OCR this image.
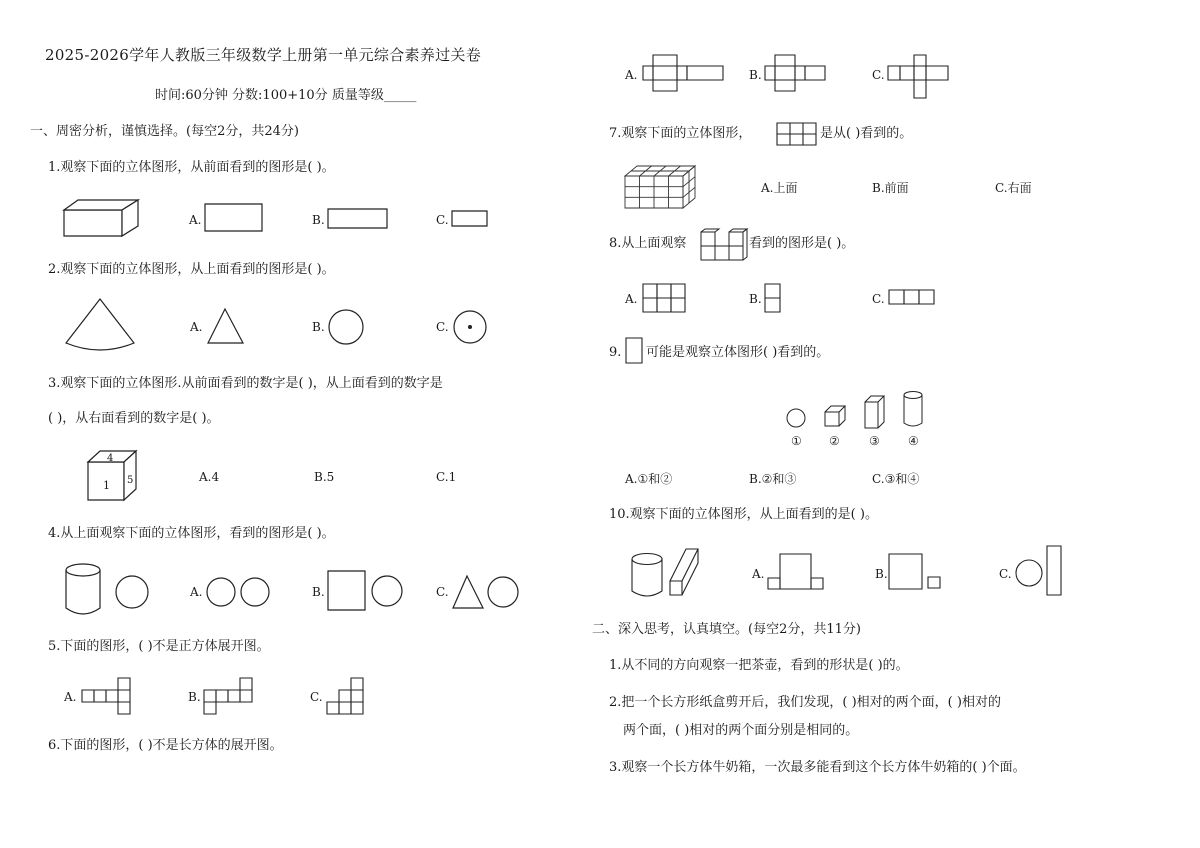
2025-2026学年人教版三年级数学上册第一单元综合素养过关卷
时间:60分钟 分数:100+10分 质量等级_____
一、周密分析，谨慎选择。(每空2分，共24分)
1.观察下面的立体图形，从前面看到的图形是( )。
A.	B.	C.
2.观察下面的立体图形，从上面看到的图形是( )。
A.	B.	C.
3.观察下面的立体图形.从前面看到的数字是( )，从上面看到的数字是
( )，从右面看到的数字是( )。
4
1 5	A.4	B.5	C.1
4.从上面观察下面的立体图形，看到的图形是( )。
A.	B.	C.
5.下面的图形，( )不是正方体展开图。
A.	B.	C.
6.下面的图形，( )不是长方体的展开图。
A.	B.	C.
7.观察下面的立体图形，	是从( )看到的。
A.上面	B.前面	C.右面
8.从上面观察	看到的图形是( )。
A.	B.	C.
9. 可能是观察立体图形( )看到的。
① ② ③ ④
A.①和②	B.②和③	C.③和④
10.观察下面的立体图形，从上面看到的是( )。
A.	B.	C.
二、深入思考，认真填空。(每空2分，共11分)
1.从不同的方向观察一把茶壶，看到的形状是( )的。
2.把一个长方形纸盒剪开后，我们发现，( )相对的两个面，( )相对的
两个面，( )相对的两个面分别是相同的。
3.观察一个长方体牛奶箱，一次最多能看到这个长方体牛奶箱的( )个面。
